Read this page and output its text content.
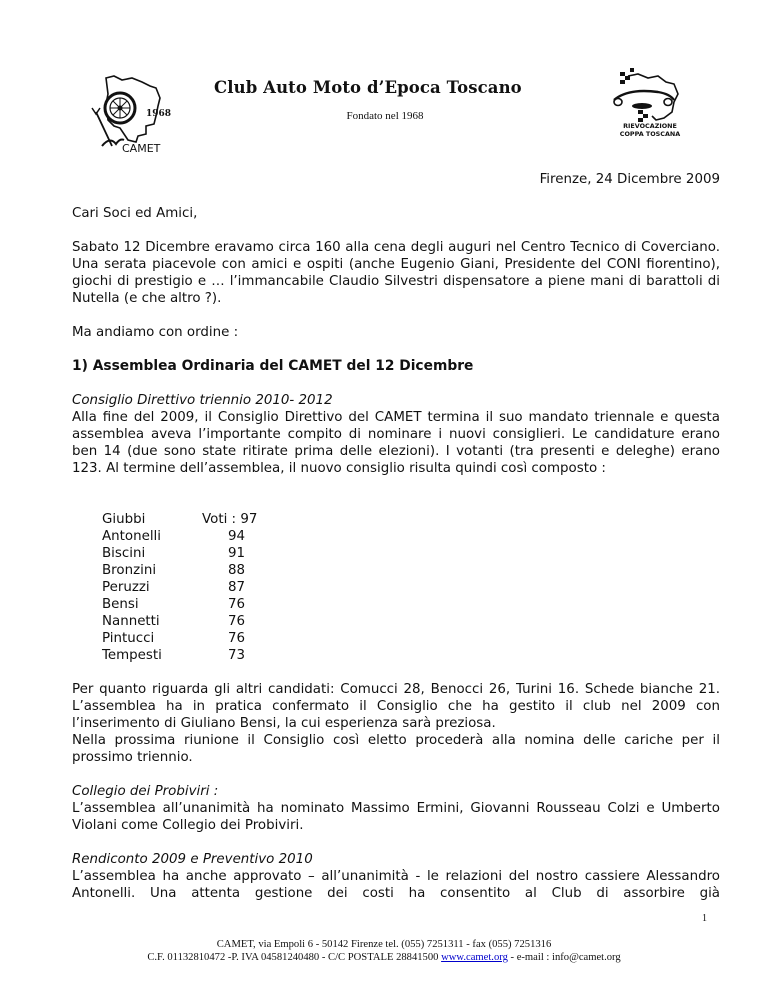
1968
CAMET
Club Auto Moto d’Epoca Toscano
Fondato nel 1968
RIEVOCAZIONE
COPPA TOSCANA
Firenze, 24 Dicembre 2009
Cari Soci ed Amici,
Sabato 12 Dicembre eravamo circa 160 alla cena degli auguri nel Centro Tecnico di Coverciano. Una serata piacevole con amici e ospiti (anche Eugenio Giani, Presidente del CONI fiorentino), giochi di prestigio e … l’immancabile Claudio Silvestri dispensatore a piene mani di barattoli di Nutella (e che altro ?).
Ma andiamo con ordine :
1) Assemblea Ordinaria del CAMET del 12 Dicembre
Consiglio Direttivo triennio 2010- 2012
Alla fine del 2009, il Consiglio Direttivo del CAMET termina il suo mandato triennale e questa assemblea aveva l’importante compito di nominare i nuovi consiglieri. Le candidature erano ben 14 (due sono state ritirate prima delle elezioni). I votanti (tra presenti e deleghe) erano 123. Al termine dell’assemblea, il nuovo consiglio risulta quindi così composto :
Giubbi	Voti : 97
Antonelli	94
Biscini	91
Bronzini	88
Peruzzi	87
Bensi	76
Nannetti	76
Pintucci	76
Tempesti	73
Per quanto riguarda gli altri candidati: Comucci 28, Benocci 26, Turini 16. Schede bianche 21. L’assemblea ha in pratica confermato il Consiglio che ha gestito il club nel 2009 con l’inserimento di Giuliano Bensi, la cui esperienza sarà preziosa.
Nella prossima riunione il Consiglio così eletto procederà alla nomina delle cariche per il prossimo triennio.
Collegio dei Probiviri :
L’assemblea all’unanimità ha nominato Massimo Ermini, Giovanni Rousseau Colzi e Umberto Violani come Collegio dei Probiviri.
Rendiconto 2009 e Preventivo 2010
L’assemblea ha anche approvato – all’unanimità - le relazioni del nostro cassiere Alessandro Antonelli. Una attenta gestione dei costi ha consentito al Club di assorbire già
1
CAMET, via Empoli 6 - 50142 Firenze tel. (055) 7251311 - fax (055) 7251316
C.F. 01132810472 -P. IVA 04581240480 - C/C POSTALE 28841500 www.camet.org - e-mail : info@camet.org
